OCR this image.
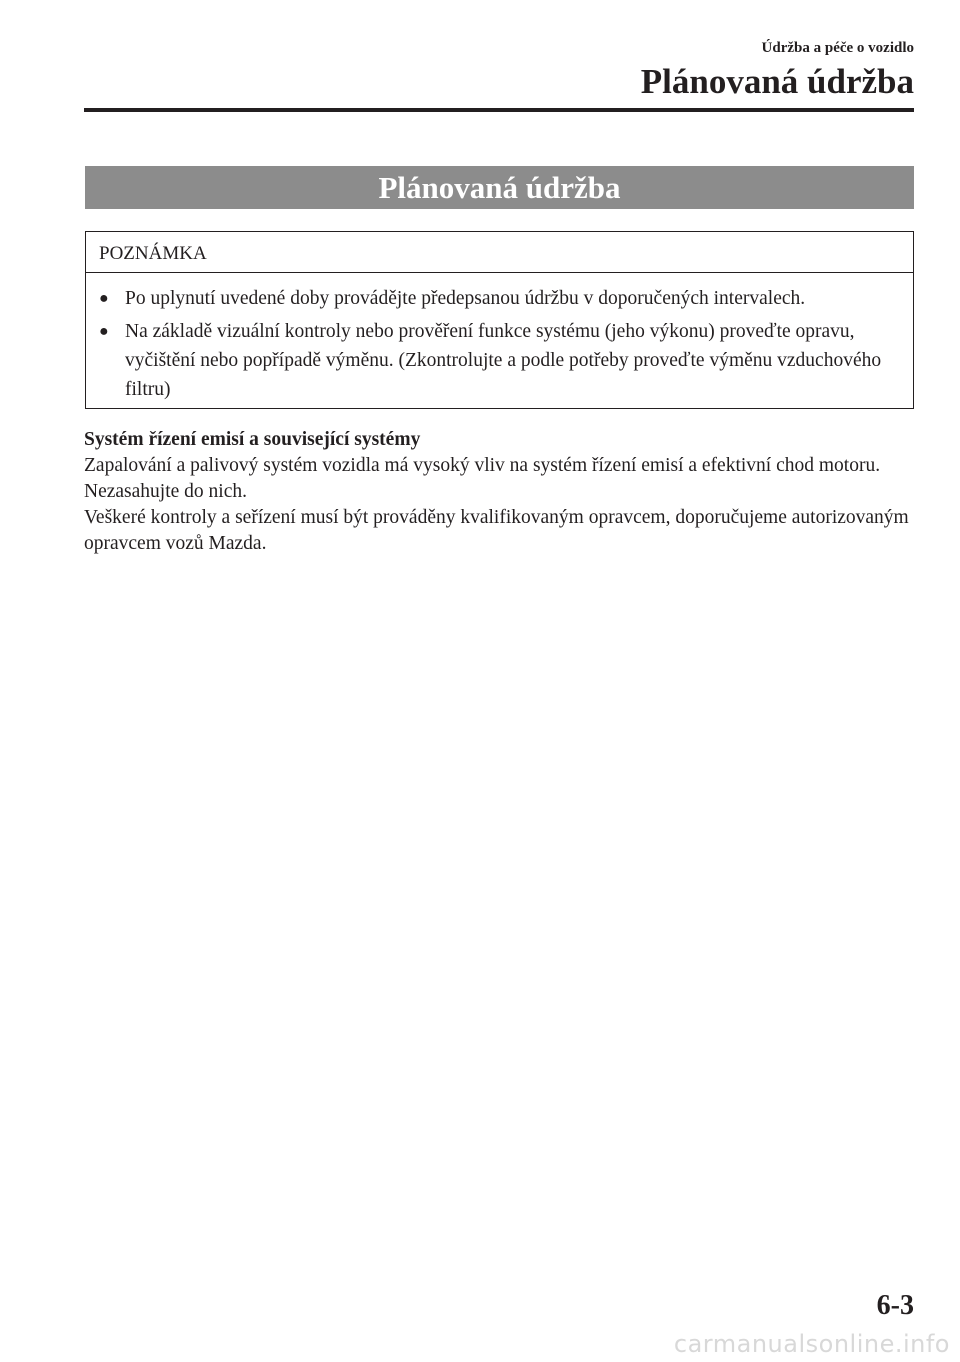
Údržba a péče o vozidlo
Plánovaná údržba
Plánovaná údržba
POZNÁMKA
● Po uplynutí uvedené doby provádějte předepsanou údržbu v doporučených intervalech.
● Na základě vizuální kontroly nebo prověření funkce systému (jeho výkonu) proveďte opravu, vyčištění nebo popřípadě výměnu. (Zkontrolujte a podle potřeby proveďte výměnu vzduchového filtru)

Systém řízení emisí a související systémy

Zapalování a palivový systém vozidla má vysoký vliv na systém řízení emisí a efektivní chod motoru. Nezasahujte do nich.

Veškeré kontroly a seřízení musí být prováděny kvalifikovaným opravcem, doporučujeme autorizovaným opravcem vozů Mazda.

6-3
carmanualsonline.info
